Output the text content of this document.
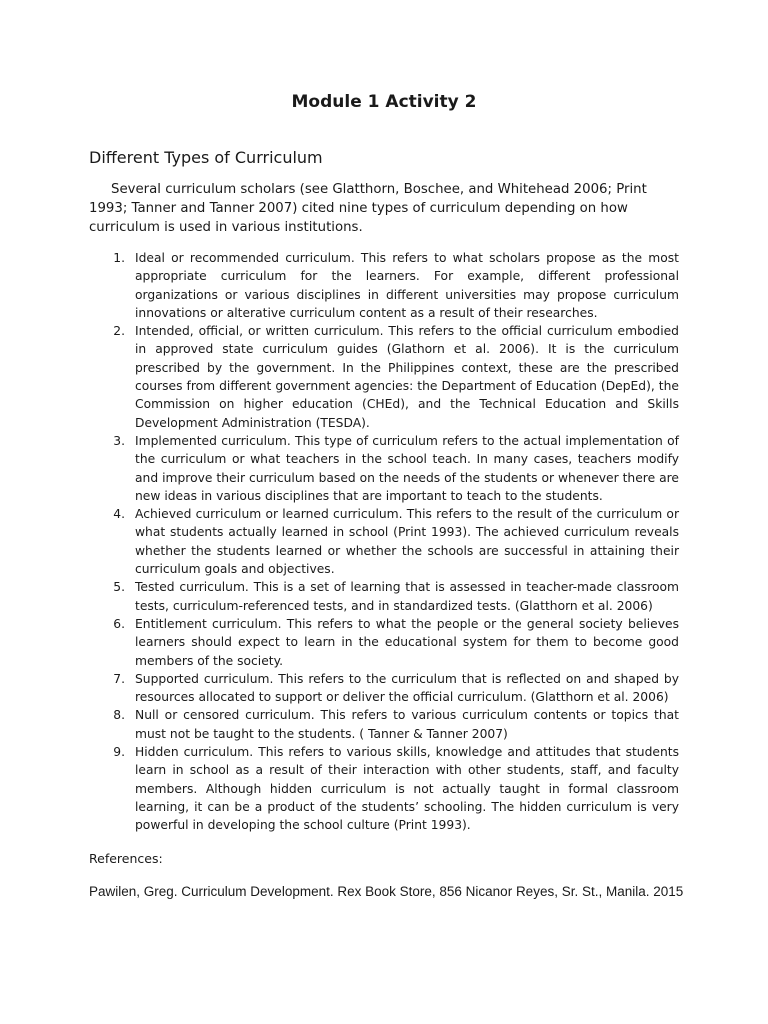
Module 1 Activity 2
Different Types of Curriculum

Several curriculum scholars (see Glatthorn, Boschee, and Whitehead 2006; Print 1993; Tanner and Tanner 2007) cited nine types of curriculum depending on how curriculum is used in various institutions.

1. Ideal or recommended curriculum. This refers to what scholars propose as the most appropriate curriculum for the learners. For example, different professional organizations or various disciplines in different universities may propose curriculum innovations or alterative curriculum content as a result of their researches.
2. Intended, official, or written curriculum. This refers to the official curriculum embodied in approved state curriculum guides (Glathorn et al. 2006). It is the curriculum prescribed by the government. In the Philippines context, these are the prescribed courses from different government agencies: the Department of Education (DepEd), the Commission on higher education (CHEd), and the Technical Education and Skills Development Administration (TESDA).
3. Implemented curriculum. This type of curriculum refers to the actual implementation of the curriculum or what teachers in the school teach. In many cases, teachers modify and improve their curriculum based on the needs of the students or whenever there are new ideas in various disciplines that are important to teach to the students.
4. Achieved curriculum or learned curriculum. This refers to the result of the curriculum or what students actually learned in school (Print 1993). The achieved curriculum reveals whether the students learned or whether the schools are successful in attaining their curriculum goals and objectives.
5. Tested curriculum. This is a set of learning that is assessed in teacher-made classroom tests, curriculum-referenced tests, and in standardized tests. (Glatthorn et al. 2006)
6. Entitlement curriculum. This refers to what the people or the general society believes learners should expect to learn in the educational system for them to become good members of the society.
7. Supported curriculum. This refers to the curriculum that is reflected on and shaped by resources allocated to support or deliver the official curriculum. (Glatthorn et al. 2006)
8. Null or censored curriculum. This refers to various curriculum contents or topics that must not be taught to the students. ( Tanner & Tanner 2007)
9. Hidden curriculum. This refers to various skills, knowledge and attitudes that students learn in school as a result of their interaction with other students, staff, and faculty members. Although hidden curriculum is not actually taught in formal classroom learning, it can be a product of the students’ schooling. The hidden curriculum is very powerful in developing the school culture (Print 1993).

References:

Pawilen, Greg. Curriculum Development. Rex Book Store, 856 Nicanor Reyes, Sr. St., Manila. 2015
